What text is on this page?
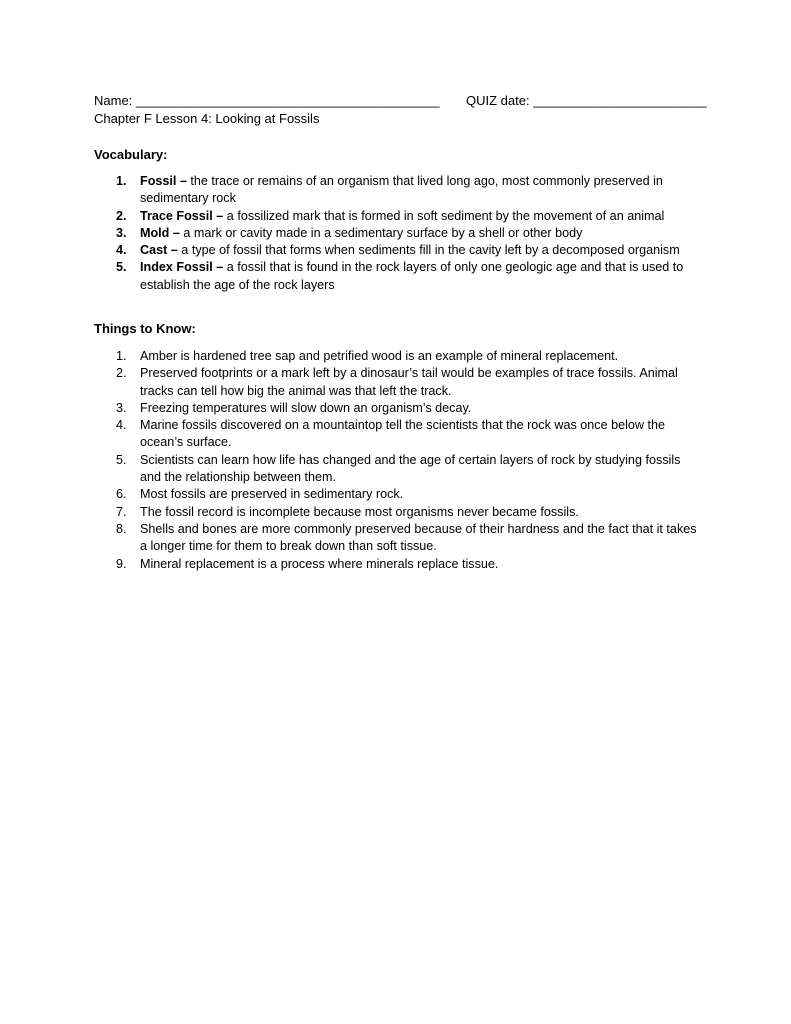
Name: __________________________________________ QUIZ date: ________________________
Chapter F Lesson 4: Looking at Fossils
Vocabulary:
1. Fossil – the trace or remains of an organism that lived long ago, most commonly preserved in sedimentary rock
2. Trace Fossil – a fossilized mark that is formed in soft sediment by the movement of an animal
3. Mold – a mark or cavity made in a sedimentary surface by a shell or other body
4. Cast – a type of fossil that forms when sediments fill in the cavity left by a decomposed organism
5. Index Fossil – a fossil that is found in the rock layers of only one geologic age and that is used to establish the age of the rock layers
Things to Know:
1. Amber is hardened tree sap and petrified wood is an example of mineral replacement.
2. Preserved footprints or a mark left by a dinosaur’s tail would be examples of trace fossils. Animal tracks can tell how big the animal was that left the track.
3. Freezing temperatures will slow down an organism’s decay.
4. Marine fossils discovered on a mountaintop tell the scientists that the rock was once below the ocean’s surface.
5. Scientists can learn how life has changed and the age of certain layers of rock by studying fossils and the relationship between them.
6. Most fossils are preserved in sedimentary rock.
7. The fossil record is incomplete because most organisms never became fossils.
8. Shells and bones are more commonly preserved because of their hardness and the fact that it takes a longer time for them to break down than soft tissue.
9. Mineral replacement is a process where minerals replace tissue.
